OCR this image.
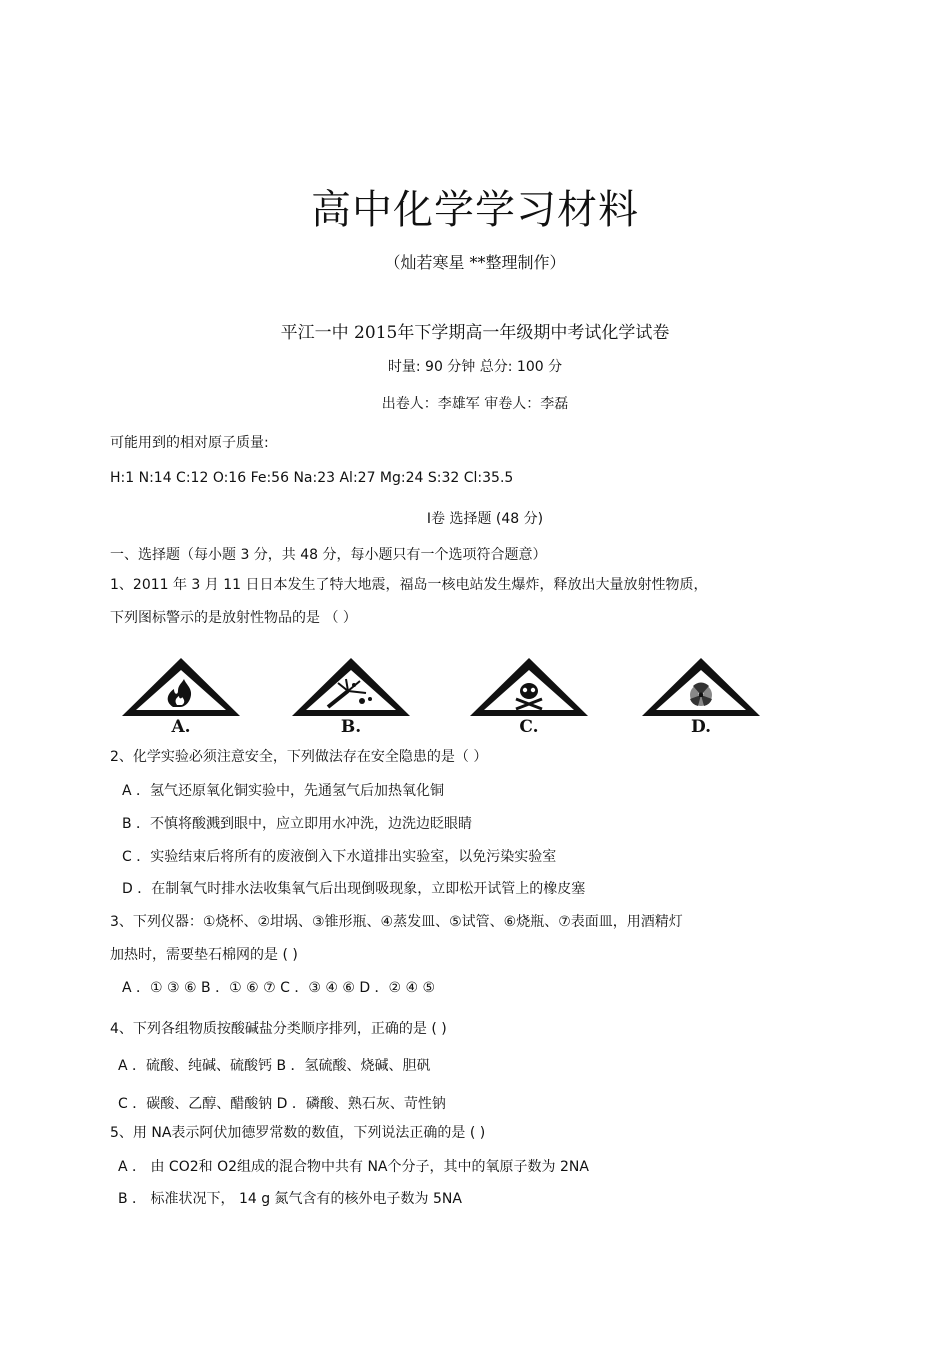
高中化学学习材料
（灿若寒星 **整理制作）
平江一中 2015年下学期高一年级期中考试化学试卷
时量: 90 分钟 总分: 100 分
出卷人：李雄军 审卷人：李磊
可能用到的相对原子质量:
H:1 N:14 C:12 O:16 Fe:56 Na:23 Al:27 Mg:24 S:32 Cl:35.5
Ⅰ卷 选择题 (48 分)
一、选择题（每小题 3 分，共 48 分，每小题只有一个选项符合题意）
1、2011 年 3 月 11 日日本发生了特大地震，福岛一核电站发生爆炸，释放出大量放射性物质，
下列图标警示的是放射性物品的是 （ ）
A.	B.	C.	D.
2、化学实验必须注意安全，下列做法存在安全隐患的是（ ）
A ．氢气还原氧化铜实验中，先通氢气后加热氧化铜
B ．不慎将酸溅到眼中，应立即用水冲洗，边洗边眨眼睛
C ．实验结束后将所有的废液倒入下水道排出实验室，以免污染实验室
D ．在制氧气时排水法收集氧气后出现倒吸现象，立即松开试管上的橡皮塞
3、下列仪器：①烧杯、②坩埚、③锥形瓶、④蒸发皿、⑤试管、⑥烧瓶、⑦表面皿，用酒精灯
加热时，需要垫石棉网的是 ( )
A ．① ③ ⑥ B ．① ⑥ ⑦ C ．③ ④ ⑥ D ．② ④ ⑤
4、下列各组物质按酸碱盐分类顺序排列，正确的是 ( )
A ．硫酸、纯碱、硫酸钙 B ．氢硫酸、烧碱、胆矾
C ．碳酸、乙醇、醋酸钠 D ．磷酸、熟石灰、苛性钠
5、用 NA表示阿伏加德罗常数的数值，下列说法正确的是 ( )
A ． 由 CO2和 O2组成的混合物中共有 NA个分子，其中的氧原子数为 2NA
B ． 标准状况下， 14 g 氮气含有的核外电子数为 5NA
